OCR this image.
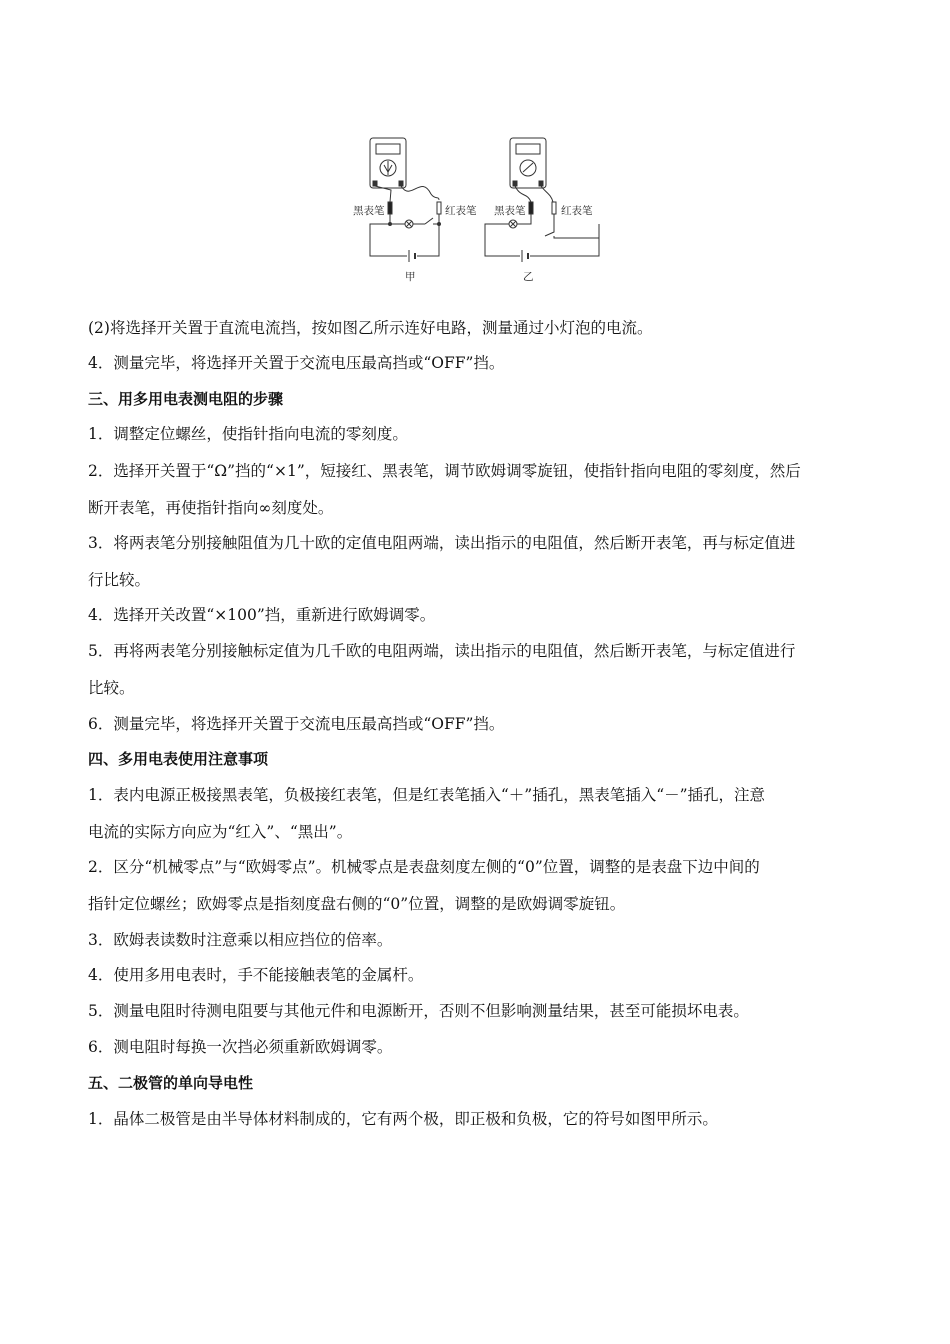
黑表笔	红表笔
甲
黑表笔	红表笔
乙
(2)将选择开关置于直流电流挡，按如图乙所示连好电路，测量通过小灯泡的电流。
4．测量完毕，将选择开关置于交流电压最高挡或“OFF”挡。
三、用多用电表测电阻的步骤
1．调整定位螺丝，使指针指向电流的零刻度。
2．选择开关置于“Ω”挡的“×1”，短接红、黑表笔，调节欧姆调零旋钮，使指针指向电阻的零刻度，然后
断开表笔，再使指针指向∞刻度处。
3．将两表笔分别接触阻值为几十欧的定值电阻两端，读出指示的电阻值，然后断开表笔，再与标定值进
行比较。
4．选择开关改置“×100”挡，重新进行欧姆调零。
5．再将两表笔分别接触标定值为几千欧的电阻两端，读出指示的电阻值，然后断开表笔，与标定值进行
比较。
6．测量完毕，将选择开关置于交流电压最高挡或“OFF”挡。
四、多用电表使用注意事项
1．表内电源正极接黑表笔，负极接红表笔，但是红表笔插入“＋”插孔，黑表笔插入“－”插孔，注意
电流的实际方向应为“红入”、“黑出”。
2．区分“机械零点”与“欧姆零点”。机械零点是表盘刻度左侧的“0”位置，调整的是表盘下边中间的
指针定位螺丝；欧姆零点是指刻度盘右侧的“0”位置，调整的是欧姆调零旋钮。
3．欧姆表读数时注意乘以相应挡位的倍率。
4．使用多用电表时，手不能接触表笔的金属杆。
5．测量电阻时待测电阻要与其他元件和电源断开，否则不但影响测量结果，甚至可能损坏电表。
6．测电阻时每换一次挡必须重新欧姆调零。
五、二极管的单向导电性
1．晶体二极管是由半导体材料制成的，它有两个极，即正极和负极，它的符号如图甲所示。
